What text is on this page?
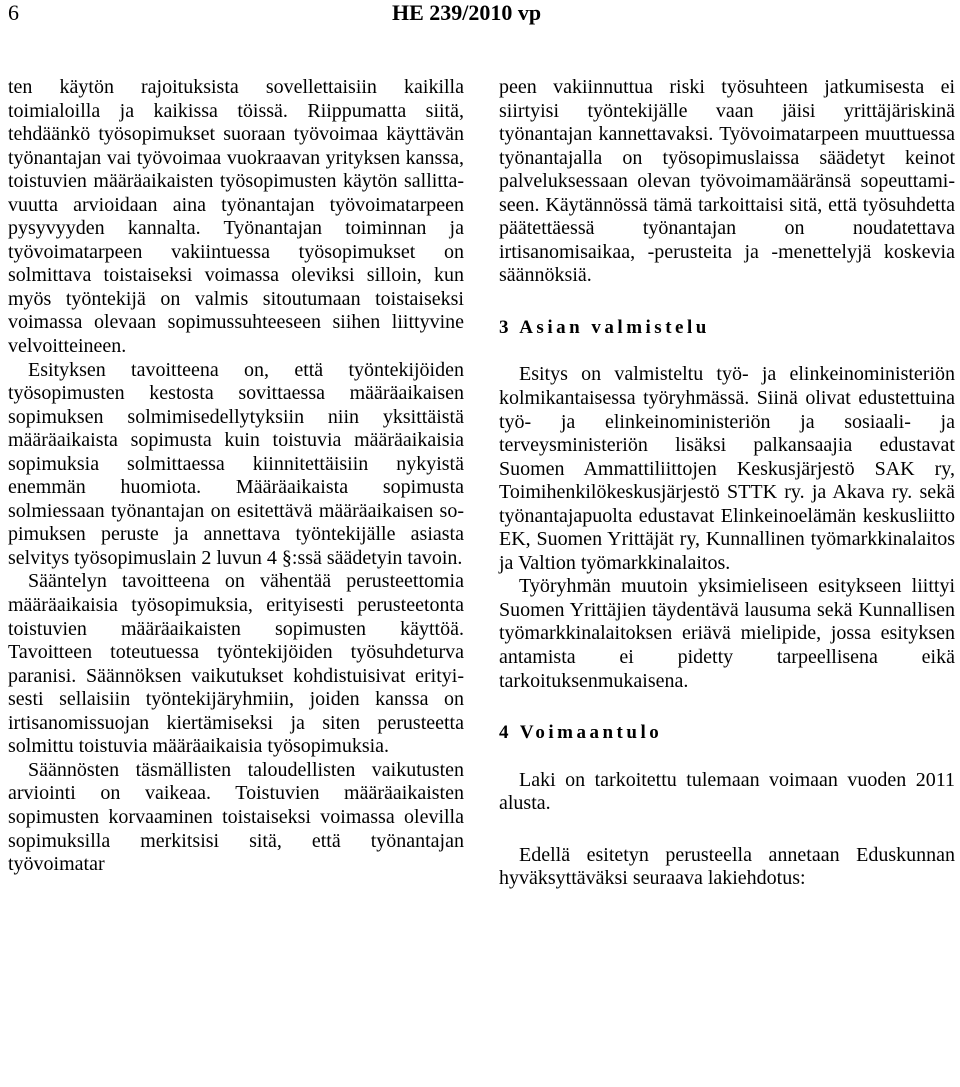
6	HE 239/2010 vp

ten käytön rajoituksista sovellettaisiin kaikilla toimialoilla ja kaikissa töissä. Riippumatta siitä, tehdäänkö työsopimukset suoraan työvoimaa käyttävän työnantajan vai työvoimaa vuokraavan yrityksen kanssa, toistuvien määräaikaisten työsopimusten käytön sallittavuutta arvioidaan aina työnantajan työvoimatarpeen pysyvyyden kannalta. Työnantajan toiminnan ja työvoimatarpeen vakiintuessa työsopimukset on solmittava toistaiseksi voimassa oleviksi silloin, kun myös työntekijä on valmis sitoutumaan toistaiseksi voimassa olevaan sopimussuhteeseen siihen liittyvine velvoitteineen.

Esityksen tavoitteena on, että työntekijöiden työsopimusten kestosta sovittaessa määräaikaisen sopimuksen solmimisedellytyksiin niin yksittäistä määräaikaista sopimusta kuin toistuvia määräaikaisia sopimuksia solmittaessa kiinnitettäisiin nykyistä enemmän huomiota. Määräaikaista sopimusta solmiessaan työnantajan on esitettävä määräaikaisen sopimuksen peruste ja annettava työntekijälle asiasta selvitys työsopimuslain 2 luvun 4 §:ssä säädetyin tavoin.

Sääntelyn tavoitteena on vähentää perusteettomia määräaikaisia työsopimuksia, erityisesti perusteetonta toistuvien määräaikaisten sopimusten käyttöä. Tavoitteen toteutuessa työntekijöiden työsuhdeturva paranisi. Säännöksen vaikutukset kohdistuisivat erityisesti sellaisiin työntekijäryhmiin, joiden kanssa on irtisanomissuojan kiertämiseksi ja siten perusteetta solmittu toistuvia määräaikaisia työsopimuksia.

Säännösten täsmällisten taloudellisten vaikutusten arviointi on vaikeaa. Toistuvien määräaikaisten sopimusten korvaaminen toistaiseksi voimassa olevilla sopimuksilla merkitsisi sitä, että työnantajan työvoimatar

peen vakiinnuttua riski työsuhteen jatkumisesta ei siirtyisi työntekijälle vaan jäisi yrittäjäriskinä työnantajan kannettavaksi. Työvoimatarpeen muuttuessa työnantajalla on työsopimuslaissa säädetyt keinot palveluksessaan olevan työvoimamääränsä sopeuttamiseen. Käytännössä tämä tarkoittaisi sitä, että työsuhdetta päätettäessä työnantajan on noudatettava irtisanomisaikaa, -perusteita ja -menettelyjä koskevia säännöksiä.

3 Asian valmistelu

Esitys on valmisteltu työ- ja elinkeinoministeriön kolmikantaisessa työryhmässä. Siinä olivat edustettuina työ- ja elinkeinoministeriön ja sosiaali- ja terveysministeriön lisäksi palkansaajia edustavat Suomen Ammattiliittojen Keskusjärjestö SAK ry, Toimihenkilökeskusjärjestö STTK ry. ja Akava ry. sekä työnantajapuolta edustavat Elinkeinoelämän keskusliitto EK, Suomen Yrittäjät ry, Kunnallinen työmarkkinalaitos ja Valtion työmarkkinalaitos.

Työryhmän muutoin yksimieliseen esitykseen liittyi Suomen Yrittäjien täydentävä lausuma sekä Kunnallisen työmarkkinalaitoksen eriävä mielipide, jossa esityksen antamista ei pidetty tarpeellisena eikä tarkoituksenmukaisena.

4 Voimaantulo

Laki on tarkoitettu tulemaan voimaan vuoden 2011 alusta.

Edellä esitetyn perusteella annetaan Eduskunnan hyväksyttäväksi seuraava lakiehdotus:
